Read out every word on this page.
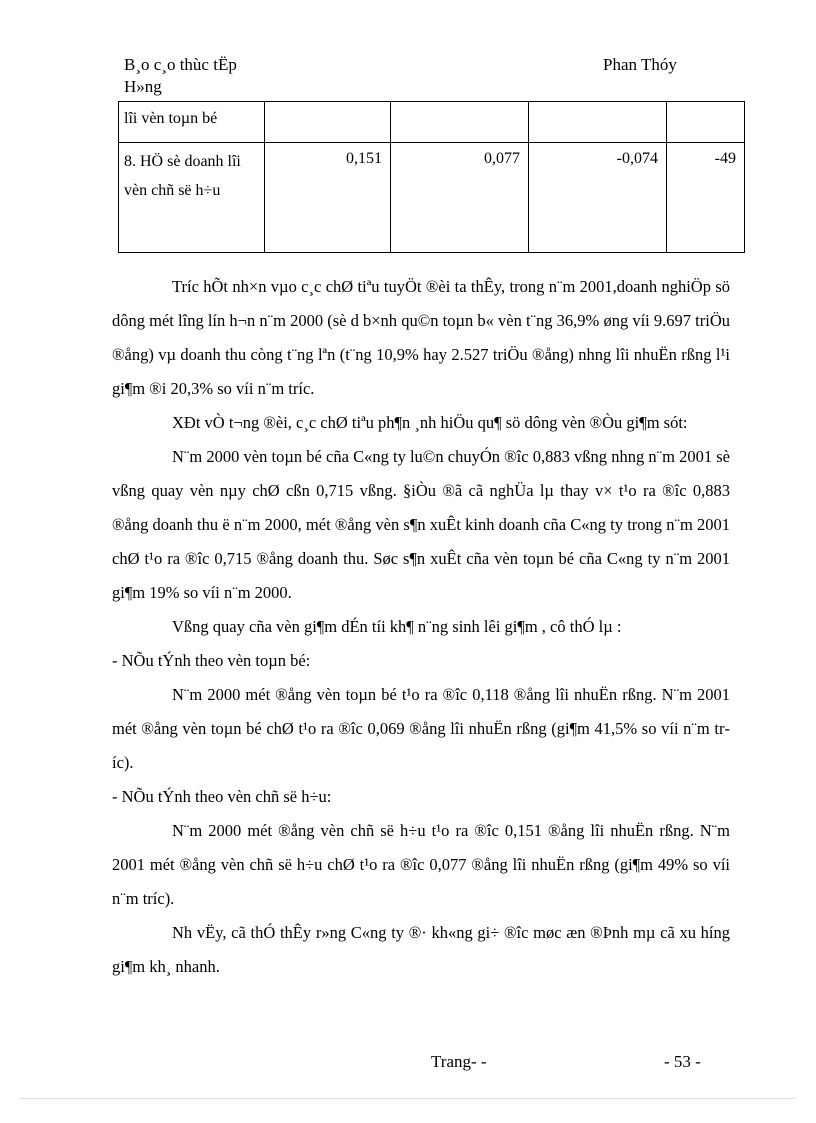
B¸o c¸o thùc tËp
H»ng
Phan Thóy
lîi vèn toµn bé				
8. HÖ sè doanh lîi vèn chñ së h÷u	0,151	0,077	-0,074	-49

Tríc hÕt nh×n vµo c¸c chØ tiªu tuyÖt ®èi ta thÊy, trong n¨m 2001,doanh nghiÖp sö dông mét lîng lín h¬n n¨m 2000 (sè d b×nh qu©n toµn b« vèn t¨ng 36,9% øng víi 9.697 triÖu ®ång) vµ doanh thu còng t¨ng lªn (t¨ng 10,9% hay 2.527 triÖu ®ång) nhng lîi nhuËn rßng l¹i gi¶m ®i 20,3% so víi n¨m tríc.

XÐt vÒ t¬ng ®èi, c¸c chØ tiªu ph¶n ¸nh hiÖu qu¶ sö dông vèn ®Òu gi¶m sót:

N¨m 2000 vèn toµn bé cña C«ng ty lu©n chuyÓn ®îc 0,883 vßng nhng n¨m 2001 sè vßng quay vèn nµy chØ cßn 0,715 vßng. §iÒu ®ã cã nghÜa lµ thay v× t¹o ra ®îc 0,883 ®ång doanh thu ë n¨m 2000, mét ®ång vèn s¶n xuÊt kinh doanh cña C«ng ty trong n¨m 2001 chØ t¹o ra ®îc 0,715 ®ång doanh thu. Søc s¶n xuÊt cña vèn toµn bé cña C«ng ty n¨m 2001 gi¶m 19% so víi n¨m 2000.

Vßng quay cña vèn gi¶m dÉn tíi kh¶ n¨ng sinh lêi gi¶m , cô thÓ lµ :

- NÕu tÝnh theo vèn toµn bé:

N¨m 2000 mét ®ång vèn toµn bé t¹o ra ®îc 0,118 ®ång lîi nhuËn rßng. N¨m 2001 mét ®ång vèn toµn bé chØ t¹o ra ®îc 0,069 ®ång lîi nhuËn rßng (gi¶m 41,5% so víi n¨m tríc).

- NÕu tÝnh theo vèn chñ së h÷u:

N¨m 2000 mét ®ång vèn chñ së h÷u t¹o ra ®îc 0,151 ®ång lîi nhuËn rßng. N¨m 2001 mét ®ång vèn chñ së h÷u chØ t¹o ra ®îc 0,077 ®ång lîi nhuËn rßng (gi¶m 49% so víi n¨m tríc).

Nh vËy, cã thÓ thÊy r»ng C«ng ty ®· kh«ng gi÷ ®îc møc æn ®Þnh mµ cã xu híng gi¶m kh¸ nhanh.

Trang- -	- 53 -
